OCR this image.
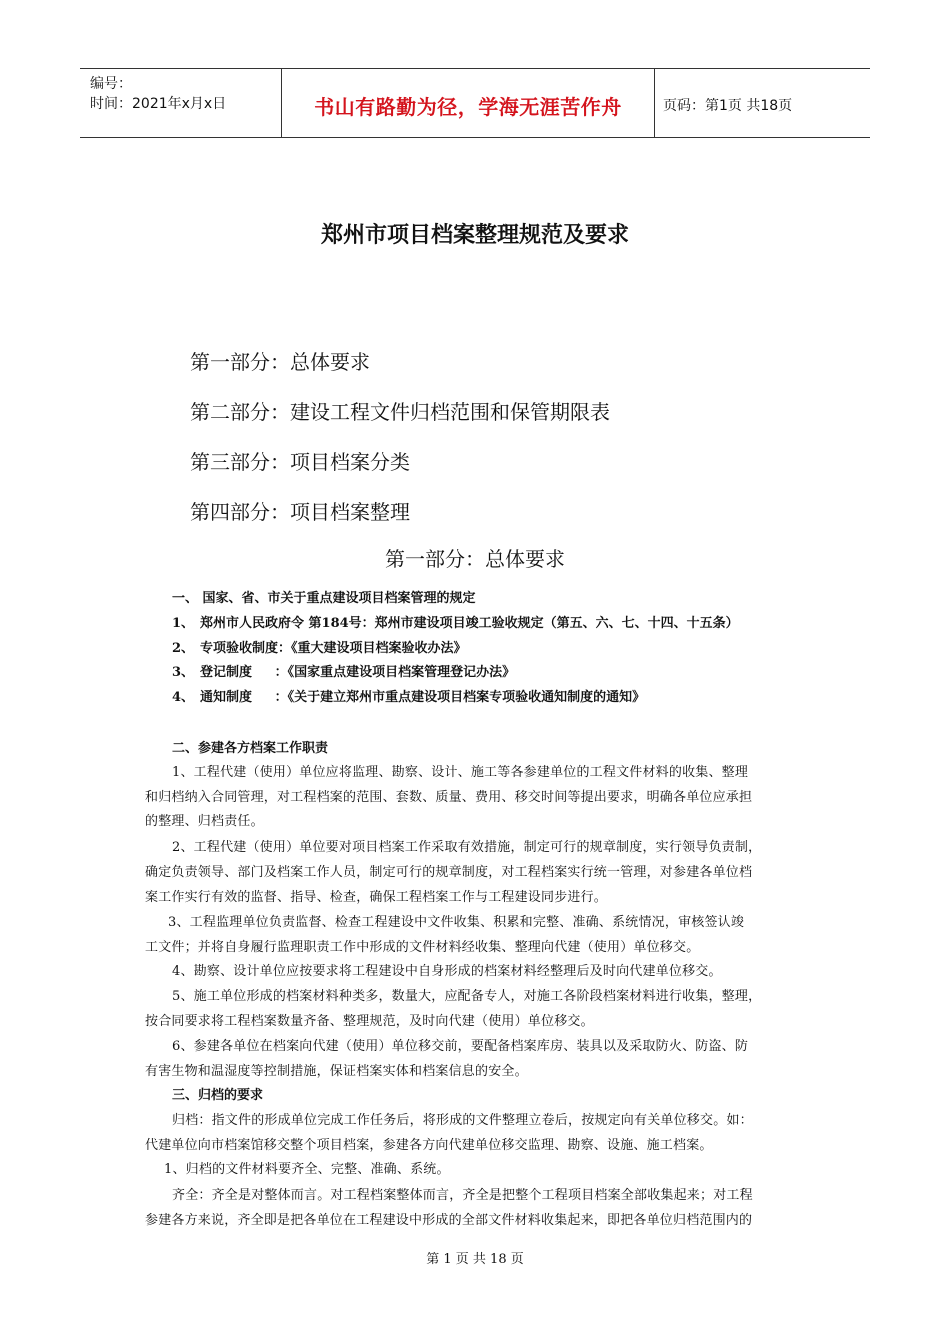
编号：
时间：2021年x月x日	书山有路勤为径，学海无涯苦作舟	页码：第1页 共18页
郑州市项目档案整理规范及要求
第一部分：总体要求
第二部分：建设工程文件归档范围和保管期限表
第三部分：项目档案分类
第四部分：项目档案整理
第一部分：总体要求
一、 国家、省、市关于重点建设项目档案管理的规定
1、 郑州市人民政府令 第184号：郑州市建设项目竣工验收规定（第五、六、七、十四、十五条）
2、 专项验收制度：《重大建设项目档案验收办法》
3、 登记制度     ：《国家重点建设项目档案管理登记办法》
4、 通知制度     ：《关于建立郑州市重点建设项目档案专项验收通知制度的通知》
二、参建各方档案工作职责
1、工程代建（使用）单位应将监理、勘察、设计、施工等各参建单位的工程文件材料的收集、整理
和归档纳入合同管理，对工程档案的范围、套数、质量、费用、移交时间等提出要求，明确各单位应承担
的整理、归档责任。
2、工程代建（使用）单位要对项目档案工作采取有效措施，制定可行的规章制度，实行领导负责制，
确定负责领导、部门及档案工作人员，制定可行的规章制度，对工程档案实行统一管理，对参建各单位档
案工作实行有效的监督、指导、检查，确保工程档案工作与工程建设同步进行。
3、工程监理单位负责监督、检查工程建设中文件收集、积累和完整、准确、系统情况，审核签认竣
工文件；并将自身履行监理职责工作中形成的文件材料经收集、整理向代建（使用）单位移交。
4、勘察、设计单位应按要求将工程建设中自身形成的档案材料经整理后及时向代建单位移交。
5、施工单位形成的档案材料种类多，数量大，应配备专人，对施工各阶段档案材料进行收集，整理，
按合同要求将工程档案数量齐备、整理规范，及时向代建（使用）单位移交。
6、参建各单位在档案向代建（使用）单位移交前，要配备档案库房、装具以及采取防火、防盗、防
有害生物和温湿度等控制措施，保证档案实体和档案信息的安全。
三、归档的要求
归档：指文件的形成单位完成工作任务后，将形成的文件整理立卷后，按规定向有关单位移交。如：
代建单位向市档案馆移交整个项目档案，参建各方向代建单位移交监理、勘察、设施、施工档案。
1、归档的文件材料要齐全、完整、准确、系统。
齐全：齐全是对整体而言。对工程档案整体而言，齐全是把整个工程项目档案全部收集起来；对工程
参建各方来说，齐全即是把各单位在工程建设中形成的全部文件材料收集起来，即把各单位归档范围内的
第 1 页 共 18 页
